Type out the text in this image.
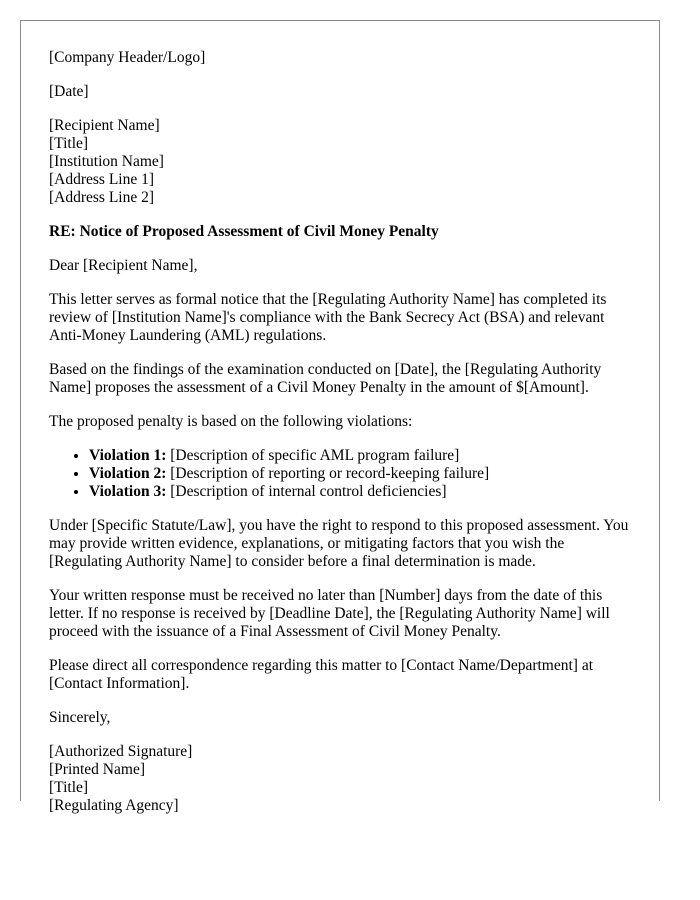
[Company Header/Logo]

[Date]

[Recipient Name]
[Title]
[Institution Name]
[Address Line 1]
[Address Line 2]

RE: Notice of Proposed Assessment of Civil Money Penalty

Dear [Recipient Name],

This letter serves as formal notice that the [Regulating Authority Name] has completed its review of [Institution Name]'s compliance with the Bank Secrecy Act (BSA) and relevant Anti-Money Laundering (AML) regulations.

Based on the findings of the examination conducted on [Date], the [Regulating Authority Name] proposes the assessment of a Civil Money Penalty in the amount of $[Amount].

The proposed penalty is based on the following violations:

• Violation 1: [Description of specific AML program failure]
• Violation 2: [Description of reporting or record-keeping failure]
• Violation 3: [Description of internal control deficiencies]

Under [Specific Statute/Law], you have the right to respond to this proposed assessment. You may provide written evidence, explanations, or mitigating factors that you wish the [Regulating Authority Name] to consider before a final determination is made.

Your written response must be received no later than [Number] days from the date of this letter. If no response is received by [Deadline Date], the [Regulating Authority Name] will proceed with the issuance of a Final Assessment of Civil Money Penalty.

Please direct all correspondence regarding this matter to [Contact Name/Department] at [Contact Information].

Sincerely,

[Authorized Signature]
[Printed Name]
[Title]
[Regulating Agency]
